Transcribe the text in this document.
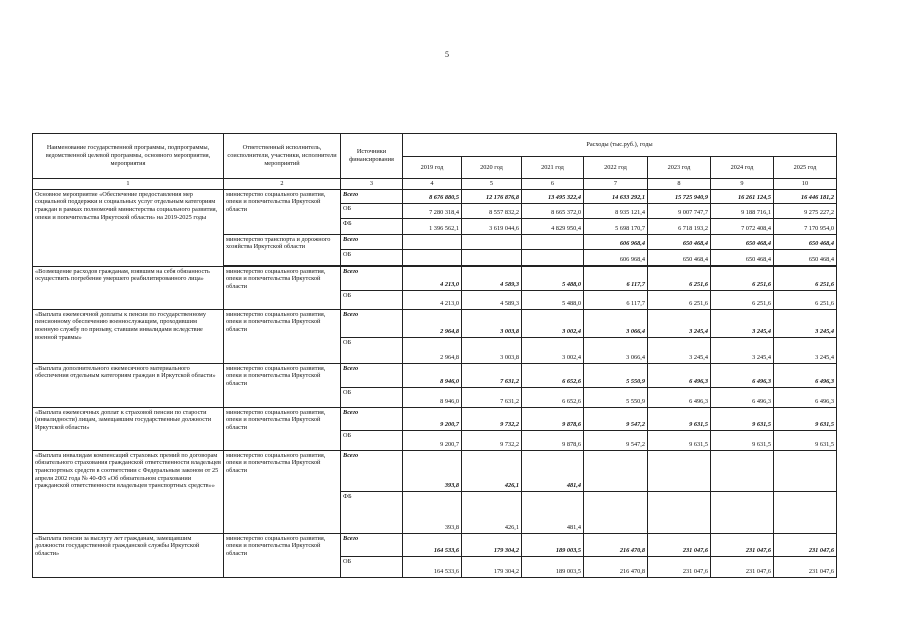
5
Наименование государственной программы, подпрограммы, ведомственной целевой программы, основного мероприятия, мероприятия	Ответственный исполнитель, соисполнители, участники, исполнители мероприятий	Источники финансирования	Расходы (тыс.руб.), годы						
			2019 год	2020 год	2021 год	2022 год	2023 год	2024 год	2025 год
1	2	3	4	5	6	7	8	9	10
Основное мероприятие «Обеспечение предоставления мер социальной поддержки и социальных услуг отдельным категориям граждан в рамках полномочий министерства социального развития, опеки и попечительства Иркутской области» на 2019-2025 годы	министерство социального развития, опеки и попечительства Иркутской области	Всего	8 676 880,5	12 176 876,8	13 495 322,4	14 633 292,1	15 725 940,9	16 261 124,5	16 446 181,2
		ОБ	7 280 318,4	8 557 832,2	8 665 372,0	8 935 121,4	9 007 747,7	9 188 716,1	9 275 227,2
		ФБ	1 396 562,1	3 619 044,6	4 829 950,4	5 698 170,7	6 718 193,2	7 072 408,4	7 170 954,0
	министерство транспорта и дорожного хозяйства Иркутской области	Всего				606 968,4	650 468,4	650 468,4	650 468,4
		ОБ				606 968,4	650 468,4	650 468,4	650 468,4

«Возмещение расходов гражданам, взявшим на себя обязанность осуществить погребение умершего реабилитированного лица»	министерство социального развития, опеки и попечительства Иркутской области	Всего	4 213,0	4 589,3	5 488,0	6 117,7	6 251,6	6 251,6	6 251,6
		ОБ	4 213,0	4 589,3	5 488,0	6 117,7	6 251,6	6 251,6	6 251,6
«Выплата ежемесячной доплаты к пенсии по государственному пенсионному обеспечению военнослужащим, проходившим военную службу по призыву, ставшим инвалидами вследствие военной травмы»	министерство социального развития, опеки и попечительства Иркутской области	Всего	2 964,8	3 003,8	3 002,4	3 066,4	3 245,4	3 245,4	3 245,4
		ОБ	2 964,8	3 003,8	3 002,4	3 066,4	3 245,4	3 245,4	3 245,4
«Выплата дополнительного ежемесячного материального обеспечения отдельным категориям граждан в Иркутской области»	министерство социального развития, опеки и попечительства Иркутской области	Всего	8 946,0	7 631,2	6 652,6	5 550,9	6 496,3	6 496,3	6 496,3
		ОБ	8 946,0	7 631,2	6 652,6	5 550,9	6 496,3	6 496,3	6 496,3
«Выплата ежемесячных доплат к страховой пенсии по старости (инвалидности) лицам, замещавшим государственные должности Иркутской области»	министерство социального развития, опеки и попечительства Иркутской области	Всего	9 200,7	9 732,2	9 878,6	9 547,2	9 631,5	9 631,5	9 631,5
		ОБ	9 200,7	9 732,2	9 878,6	9 547,2	9 631,5	9 631,5	9 631,5
«Выплата инвалидам компенсаций страховых премий по договорам обязательного страхования гражданской ответственности владельцев транспортных средств в соответствии с Федеральным законом от 25 апреля 2002 года № 40-ФЗ «Об обязательном страховании гражданской ответственности владельцев транспортных средств»»	министерство социального развития, опеки и попечительства Иркутской области	Всего	393,8	426,1	481,4				
		ФБ	393,8	426,1	481,4				
«Выплата пенсии за выслугу лет гражданам, замещавшим должности государственной гражданской службы Иркутской области»	министерство социального развития, опеки и попечительства Иркутской области	Всего	164 533,6	179 304,2	189 003,5	216 470,8	231 047,6	231 047,6	231 047,6
		ОБ	164 533,6	179 304,2	189 003,5	216 470,8	231 047,6	231 047,6	231 047,6
